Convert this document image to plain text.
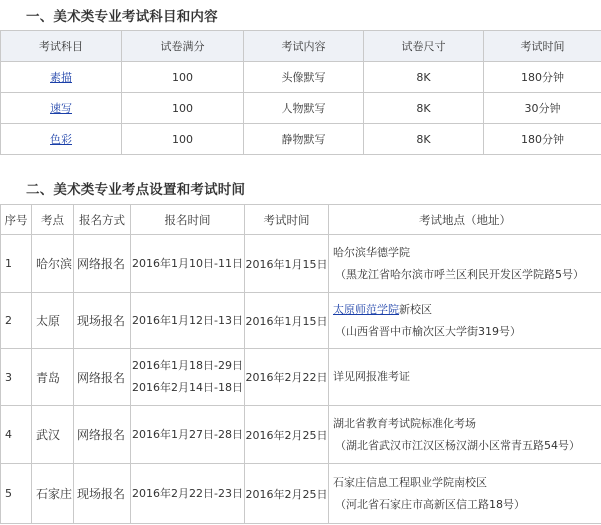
一、美术类专业考试科目和内容
考试科目	试卷满分	考试内容	试卷尺寸	考试时间
素描	100	头像默写	8K	180分钟
速写	100	人物默写	8K	30分钟
色彩	100	静物默写	8K	180分钟
二、美术类专业考点设置和考试时间
序号	考点	报名方式	报名时间	考试时间	考试地点（地址）
1	哈尔滨	网络报名	2016年1月10日-11日	2016年1月15日	哈尔滨华德学院
（黑龙江省哈尔滨市呼兰区利民开发区学院路5号）

2	太原	现场报名	2016年1月12日-13日	2016年1月15日	太原师范学院新校区
（山西省晋中市榆次区大学街319号）

3	青岛	网络报名	2016年1月18日-29日
2016年2月14日-18日	2016年2月22日	详见网报准考证
4	武汉	网络报名	2016年1月27日-28日	2016年2月25日	湖北省教育考试院标准化考场
（湖北省武汉市江汉区杨汉湖小区常青五路54号）

5	石家庄	现场报名	2016年2月22日-23日	2016年2月25日	石家庄信息工程职业学院南校区
（河北省石家庄市高新区信工路18号）
